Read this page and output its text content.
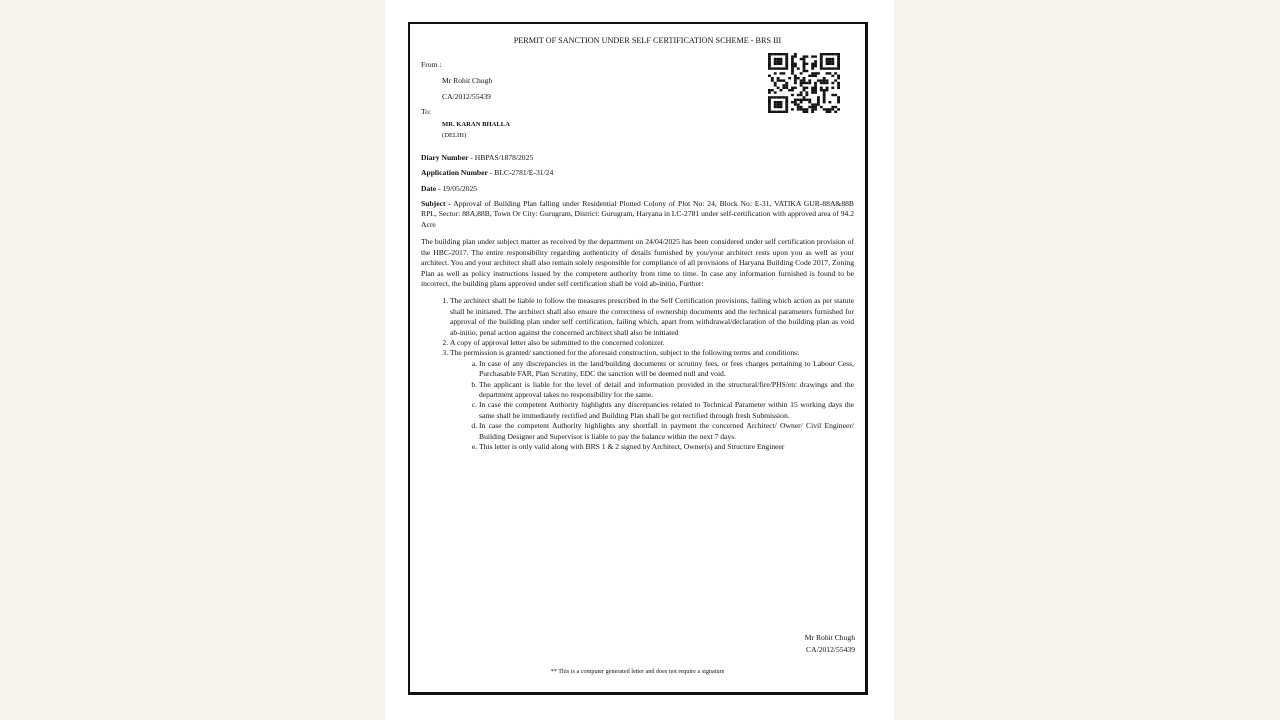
PERMIT OF SANCTION UNDER SELF CERTIFICATION SCHEME - BRS III
From :
Mr Rohit Chugh
CA/2012/55439
To:
MR. KARAN BHALLA
(DELHI)
Diary Number - HBPAS/1878/2025
Application Number - BLC-2781/E-31/24
Date - 19/05/2025
Subject - Approval of Building Plan falling under Residential Plotted Colony of Plot No: 24, Block No: E-31, VATIKA GUR-88A&88B RPL, Sector: 88A,88B, Town Or City: Gurugram, District: Gurugram, Haryana in LC-2781 under self-certification with approved area of 94.2 Acre
The building plan under subject matter as received by the department on 24/04/2025 has been considered under self certification provision of the HBC-2017. The entire responsibility regarding authenticity of details furnished by you/your architect rests upon you as well as your architect. You and your architect shall also remain solely responsible for compliance of all provisions of Haryana Building Code 2017, Zoning Plan as well as policy instructions issued by the competent authority from time to time. In case any information furnished is found to be incorrect, the building plans approved under self certification shall be void ab-initio, Further:
1. The architect shall be liable to follow the measures prescribed in the Self Certification provisions, failing which action as per statute shall be initiated. The architect shall also ensure the correctness of ownership documents and the technical parameters furnished for approval of the building plan under self certification, failing which, apart from withdrawal/declaration of the building plan as void ab-initio, penal action against the concerned architect shall also be initiated
2. A copy of approval letter also be submitted to the concerned colonizer.
3. The permission is granted/ sanctioned for the aforesaid construction, subject to the following terms and conditions:
a. In case of any discrepancies in the land/building documents or scrutiny fees, or fees charges pertaining to Labour Cess, Purchasable FAR, Plan Scrutiny, EDC the sanction will be deemed null and void.
b. The applicant is liable for the level of detail and information provided in the structural/fire/PHS/etc drawings and the department approval takes no responsibility for the same.
c. In case the competent Authority highlights any discrepancies related to Technical Parameter within 15 working days the same shall be immediately rectified and Building Plan shall be got rectified through fresh Submission.
d. In case the competent Authority highlights any shortfall in payment the concerned Architect/ Owner/ Civil Engineer/ Building Designer and Supervisor is liable to pay the balance within the next 7 days.
e. This letter is only valid along with BRS 1 & 2 signed by Architect, Owner(s) and Structure Engineer
Mr Rohit Chugh
CA/2012/55439
** This is a computer generated letter and does not require a signature
